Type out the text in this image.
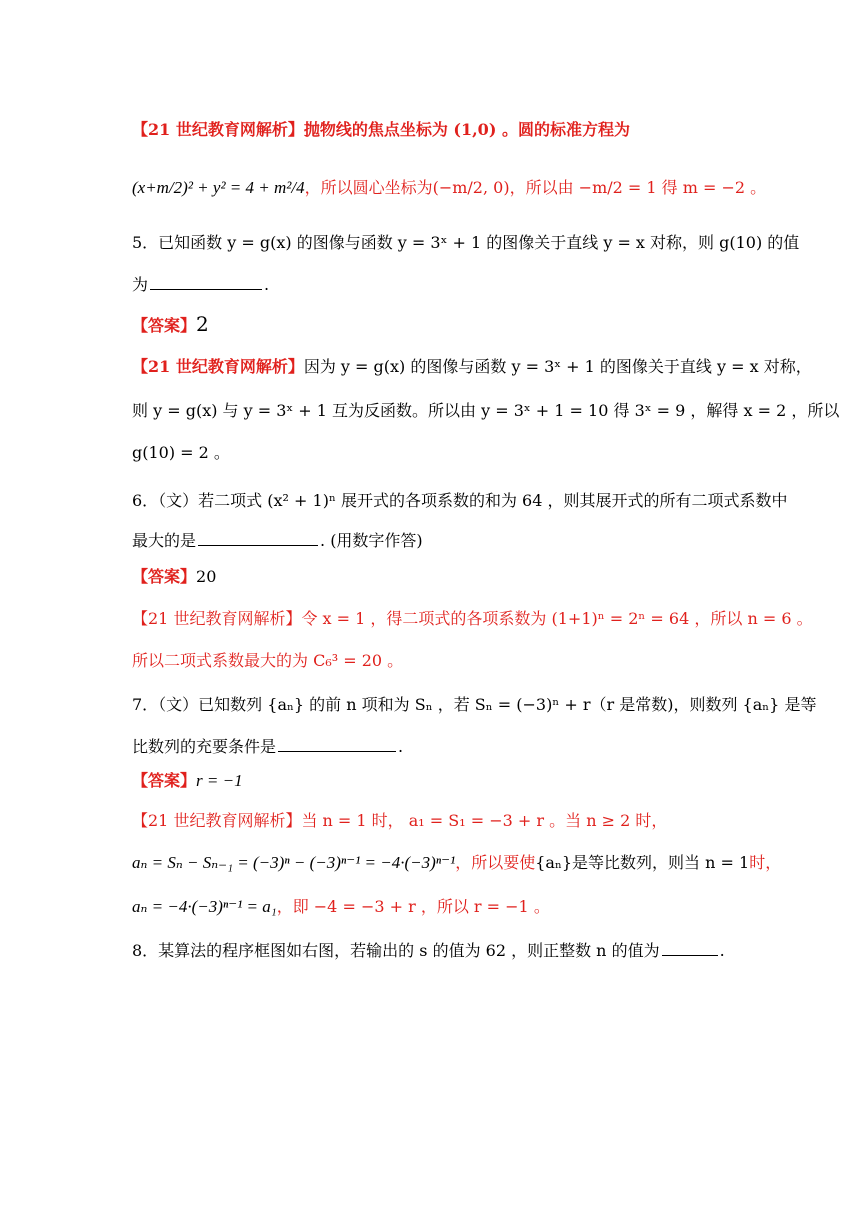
【21 世纪教育网解析】抛物线的焦点坐标为 (1,0) 。圆的标准方程为
(x+m/2)² + y² = 4 + m²/4，所以圆心坐标为(−m/2, 0)，所以由 −m/2 = 1 得 m = −2 。
5．已知函数 y = g(x) 的图像与函数 y = 3ˣ + 1 的图像关于直线 y = x 对称，则 g(10) 的值
为	.
【答案】2
【21 世纪教育网解析】因为 y = g(x) 的图像与函数 y = 3ˣ + 1 的图像关于直线 y = x 对称，
则 y = g(x) 与 y = 3ˣ + 1 互为反函数。所以由 y = 3ˣ + 1 = 10 得 3ˣ = 9 ，解得 x = 2 ，所以
g(10) = 2 。
6．（文）若二项式 (x² + 1)ⁿ 展开式的各项系数的和为 64 ，则其展开式的所有二项式系数中
最大的是	. (用数字作答)
【答案】20
【21 世纪教育网解析】令 x = 1 ，得二项式的各项系数为 (1+1)ⁿ = 2ⁿ = 64 ，所以 n = 6 。
所以二项式系数最大的为 C₆³ = 20 。
7．（文）已知数列 {aₙ} 的前 n 项和为 Sₙ ，若 Sₙ = (−3)ⁿ + r（r 是常数)，则数列 {aₙ} 是等
比数列的充要条件是	.
【答案】r = −1
【21 世纪教育网解析】当 n = 1 时， a₁ = S₁ = −3 + r 。当 n ≥ 2 时，
aₙ = Sₙ − Sₙ₋₁ = (−3)ⁿ − (−3)ⁿ⁻¹ = −4·(−3)ⁿ⁻¹，所以要使{aₙ}是等比数列，则当 n = 1时，
aₙ = −4·(−3)ⁿ⁻¹ = a₁，即 −4 = −3 + r ，所以 r = −1 。
8．某算法的程序框图如右图，若输出的 s 的值为 62 ，则正整数 n 的值为	.
